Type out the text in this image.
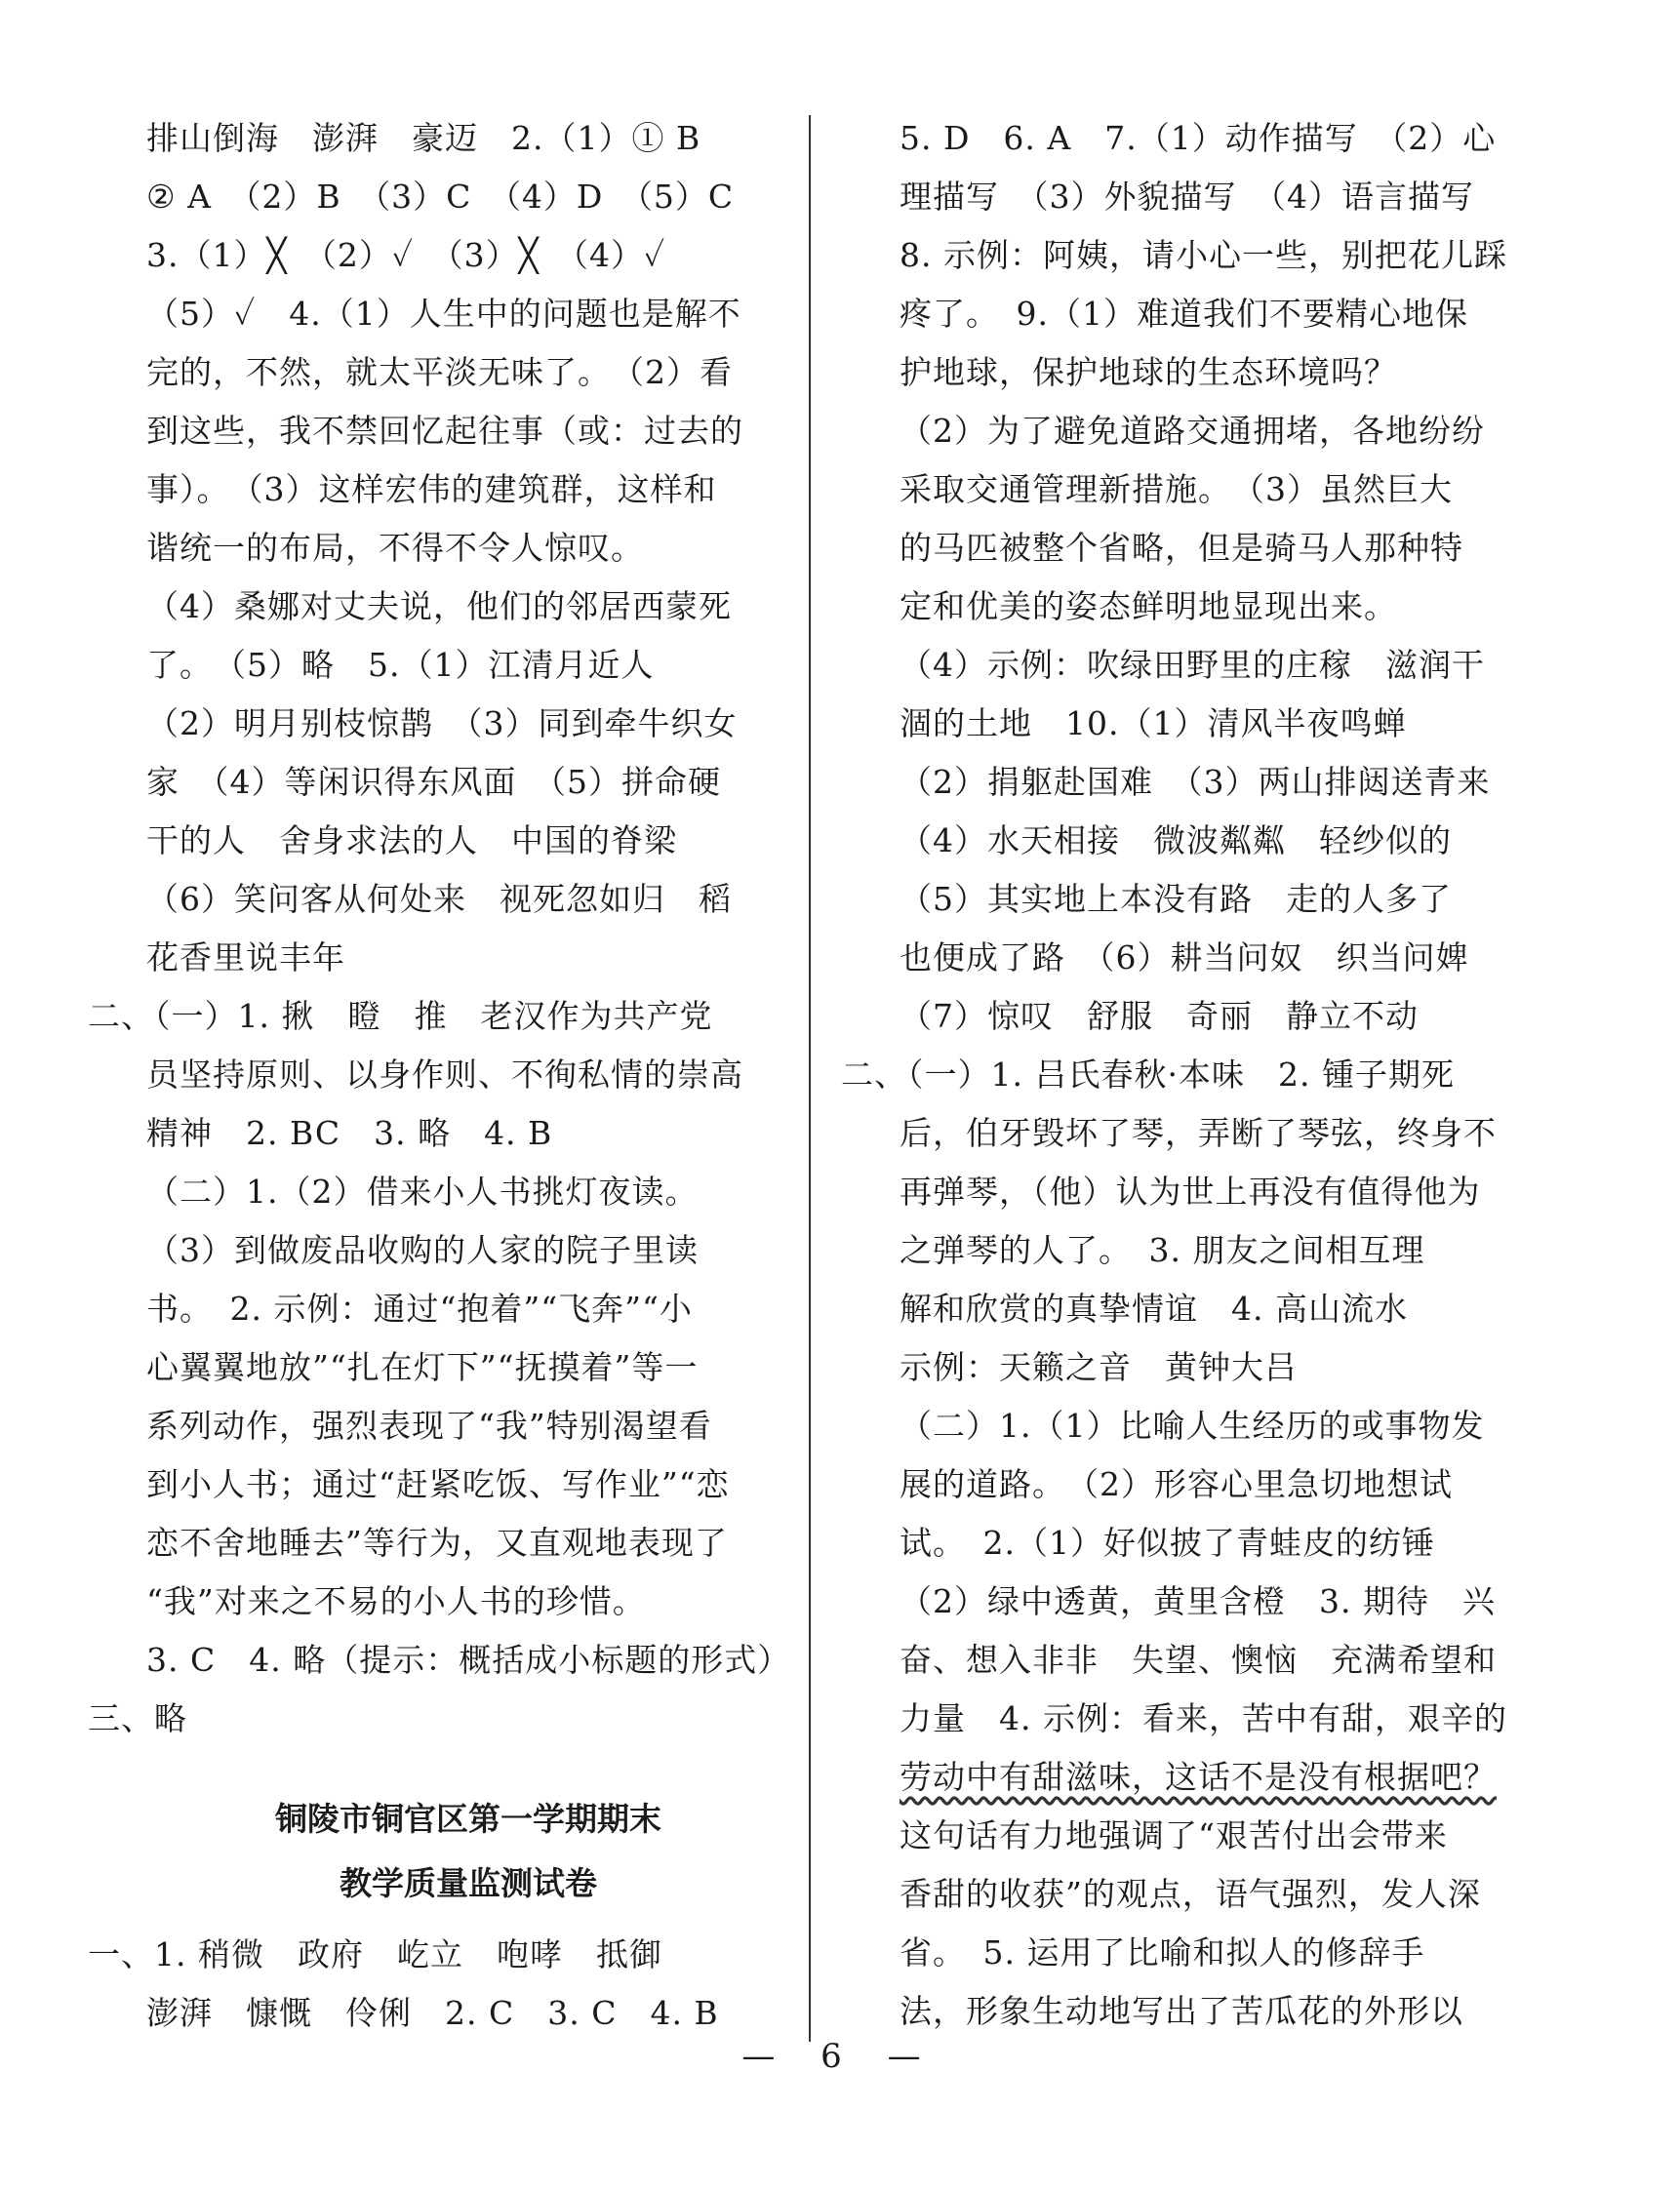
排山倒海　澎湃　豪迈　2.（1）① B
② A　（2）B　（3）C　（4）D　（5）C
3.（1）╳　（2）✓　（3）╳　（4）✓
（5）✓　4.（1）人生中的问题也是解不
完的，不然，就太平淡无味了。　（2）看
到这些，我不禁回忆起往事（或：过去的
事）。　（3）这样宏伟的建筑群，这样和
谐统一的布局，不得不令人惊叹。
（4）桑娜对丈夫说，他们的邻居西蒙死
了。　（5）略　5.（1）江清月近人
（2）明月别枝惊鹊　（3）同到牵牛织女
家　（4）等闲识得东风面　（5）拼命硬
干的人　舍身求法的人　中国的脊梁
（6）笑问客从何处来　视死忽如归　稻
花香里说丰年
二、（一）1. 揪　瞪　推　老汉作为共产党
员坚持原则、以身作则、不徇私情的崇高
精神　2. BC　3. 略　4. B
（二）1.（2）借来小人书挑灯夜读。
（3）到做废品收购的人家的院子里读
书。　2. 示例：通过“抱着”“飞奔”“小
心翼翼地放”“扎在灯下”“抚摸着”等一
系列动作，强烈表现了“我”特别渴望看
到小人书；通过“赶紧吃饭、写作业”“恋
恋不舍地睡去”等行为，又直观地表现了
“我”对来之不易的小人书的珍惜。
3. C　4. 略（提示：概括成小标题的形式）
三、略
铜陵市铜官区第一学期期末
教学质量监测试卷
一、1. 稍微　政府　屹立　咆哮　抵御
澎湃　慷慨　伶俐　2. C　3. C　4. B
5. D　6. A　7.（1）动作描写　（2）心
理描写　（3）外貌描写　（4）语言描写
8. 示例：阿姨，请小心一些，别把花儿踩
疼了。　9.（1）难道我们不要精心地保
护地球，保护地球的生态环境吗？
（2）为了避免道路交通拥堵，各地纷纷
采取交通管理新措施。　（3）虽然巨大
的马匹被整个省略，但是骑马人那种特
定和优美的姿态鲜明地显现出来。
（4）示例：吹绿田野里的庄稼　滋润干
涸的土地　10.（1）清风半夜鸣蝉
（2）捐躯赴国难　（3）两山排闼送青来
（4）水天相接　微波粼粼　轻纱似的
（5）其实地上本没有路　走的人多了
也便成了路　（6）耕当问奴　织当问婢
（7）惊叹　舒服　奇丽　静立不动
二、（一）1. 吕氏春秋·本味　2. 锺子期死
后，伯牙毁坏了琴，弄断了琴弦，终身不
再弹琴，（他）认为世上再没有值得他为
之弹琴的人了。　3. 朋友之间相互理
解和欣赏的真挚情谊　4. 高山流水
示例：天籁之音　黄钟大吕
（二）1.（1）比喻人生经历的或事物发
展的道路。　（2）形容心里急切地想试
试。　2.（1）好似披了青蛙皮的纺锤
（2）绿中透黄，黄里含橙　3. 期待　兴
奋、想入非非　失望、懊恼　充满希望和
力量　4. 示例：看来，苦中有甜，艰辛的
劳动中有甜滋味，这话不是没有根据吧？
这句话有力地强调了“艰苦付出会带来
香甜的收获”的观点，语气强烈，发人深
省。　5. 运用了比喻和拟人的修辞手
法，形象生动地写出了苦瓜花的外形以
— 6 —
